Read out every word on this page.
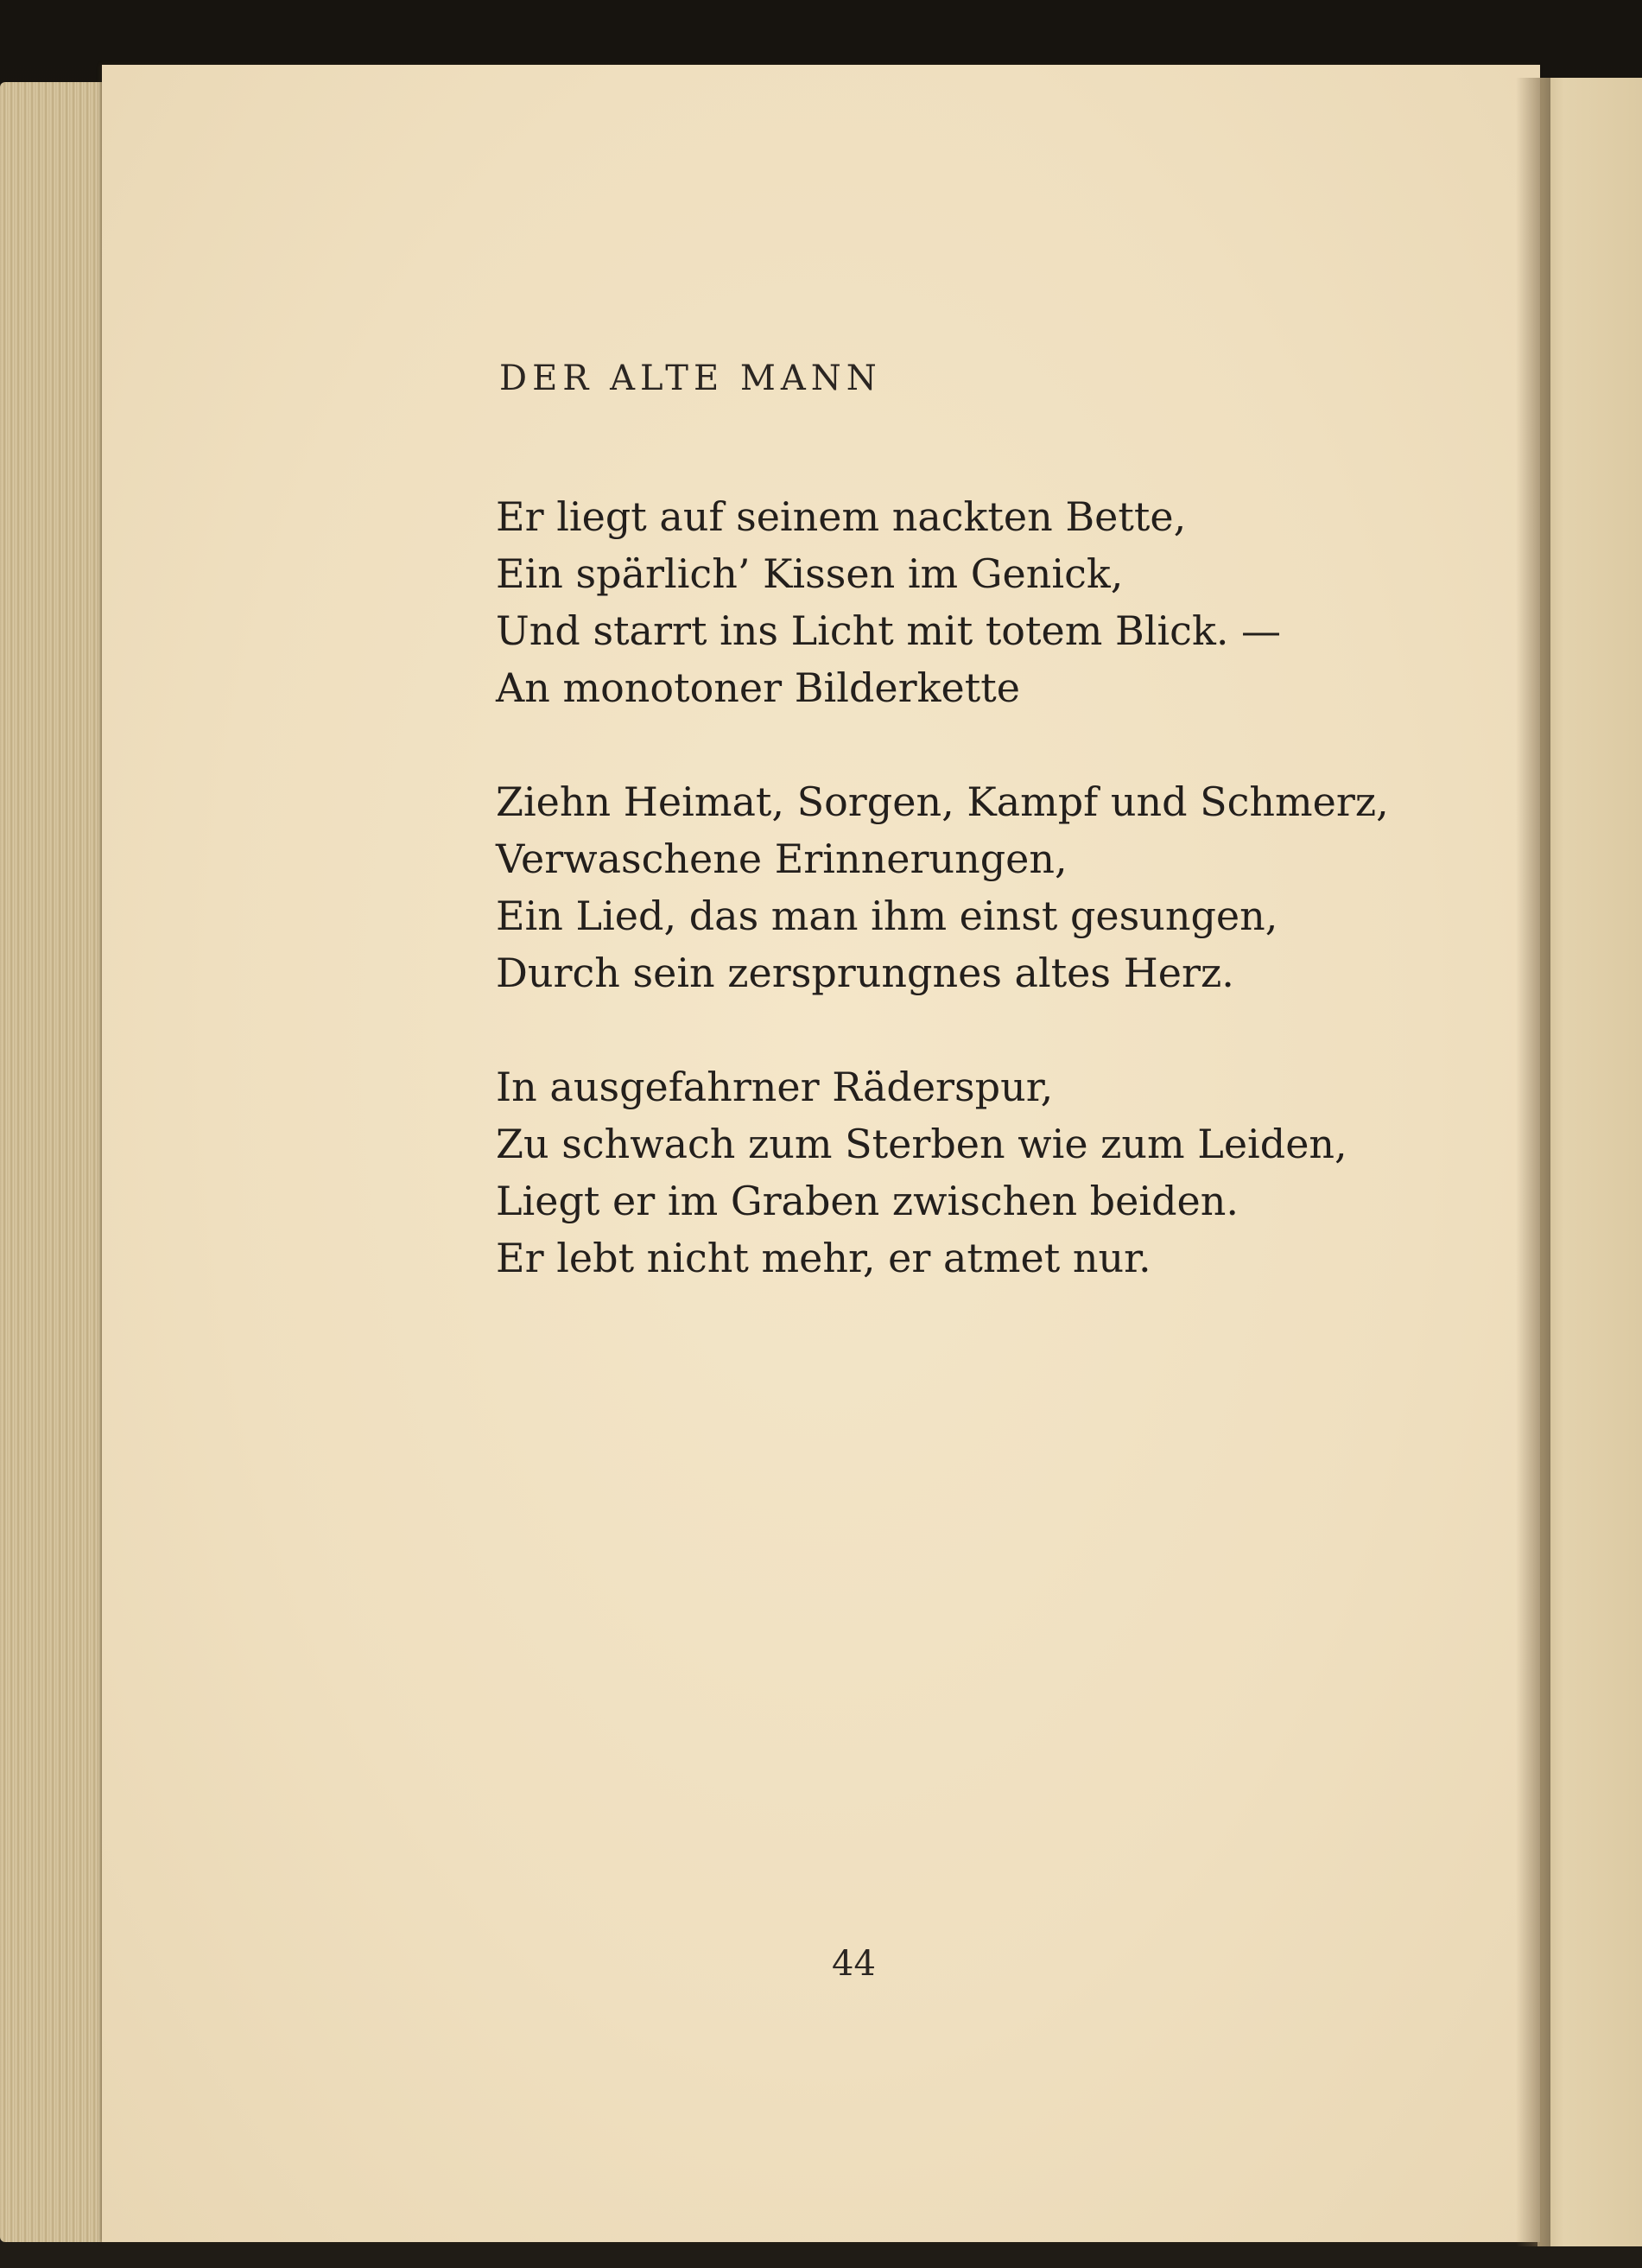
DER ALTE MANN
Er liegt auf seinem nackten Bette,
Ein spärlich’ Kissen im Genick,
Und starrt ins Licht mit totem Blick. —
An monotoner Bilderkette
Ziehn Heimat, Sorgen, Kampf und Schmerz,
Verwaschene Erinnerungen,
Ein Lied, das man ihm einst gesungen,
Durch sein zersprungnes altes Herz.
In ausgefahrner Räderspur,
Zu schwach zum Sterben wie zum Leiden,
Liegt er im Graben zwischen beiden.
Er lebt nicht mehr, er atmet nur.
44
